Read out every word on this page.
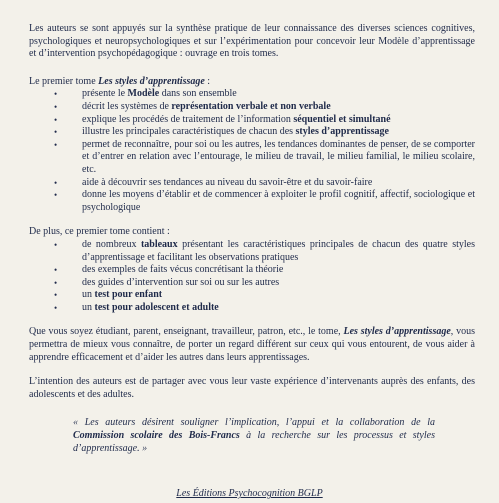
Les auteurs se sont appuyés sur la synthèse pratique de leur connaissance des diverses sciences cognitives, psychologiques et neuropsychologiques et sur l’expérimentation pour concevoir leur Modèle d’apprentissage et d’intervention psychopédagogique : ouvrage en trois tomes.

Le premier tome Les styles d’apprentissage :

• présente le Modèle dans son ensemble
• décrit les systèmes de représentation verbale et non verbale
• explique les procédés de traitement de l’information séquentiel et simultané
• illustre les principales caractéristiques de chacun des styles d’apprentissage
• permet de reconnaître, pour soi ou les autres, les tendances dominantes de penser, de se comporter et d’entrer en relation avec l’entourage, le milieu de travail, le milieu familial, le milieu scolaire, etc.
• aide à découvrir ses tendances au niveau du savoir-être et du savoir-faire
• donne les moyens d’établir et de commencer à exploiter le profil cognitif, affectif, sociologique et psychologique

De plus, ce premier tome contient :

• de nombreux tableaux présentant les caractéristiques principales de chacun des quatre styles d’apprentissage et facilitant les observations pratiques
• des exemples de faits vécus concrétisant la théorie
• des guides d’intervention sur soi ou sur les autres
• un test pour enfant
• un test pour adolescent et adulte

Que vous soyez étudiant, parent, enseignant, travailleur, patron, etc., le tome, Les styles d’apprentissage, vous permettra de mieux vous connaître, de porter un regard différent sur ceux qui vous entourent, de vous aider à apprendre efficacement et d’aider les autres dans leurs apprentissages.

L’intention des auteurs est de partager avec vous leur vaste expérience d’intervenants auprès des enfants, des adolescents et des adultes.

« Les auteurs désirent souligner l’implication, l’appui et la collaboration de la Commission scolaire des Bois-Francs à la recherche sur les processus et styles d’apprentissage. »

Les Éditions Psychocognition BGLP
